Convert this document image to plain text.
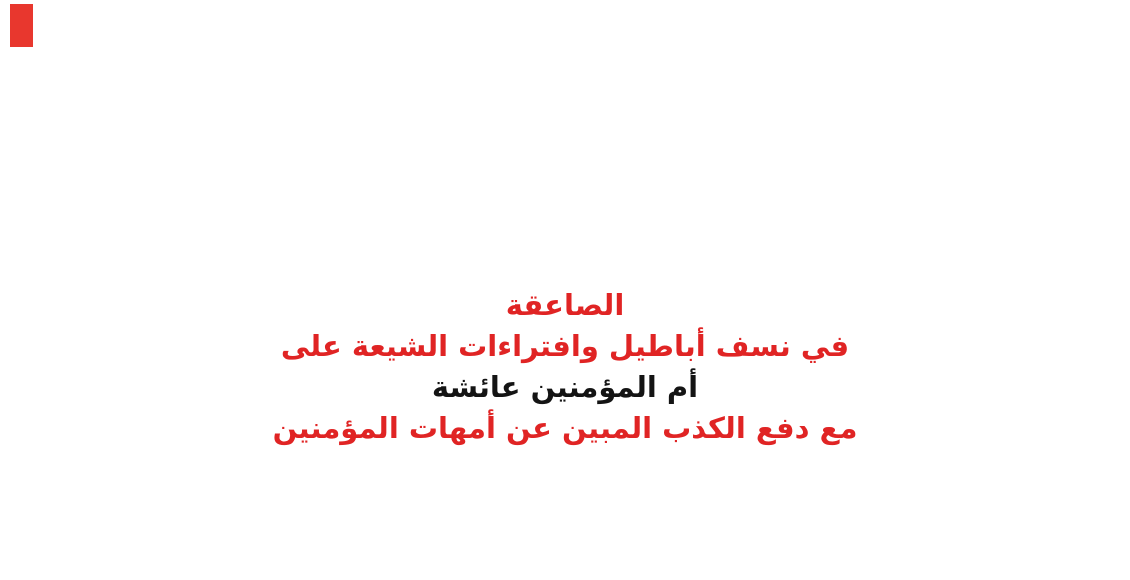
الصاعقة
في نسف أباطيل وافتراءات الشيعة على
أم المؤمنين عائشة
مع دفع الكذب المبين عن أمهات المؤمنين
